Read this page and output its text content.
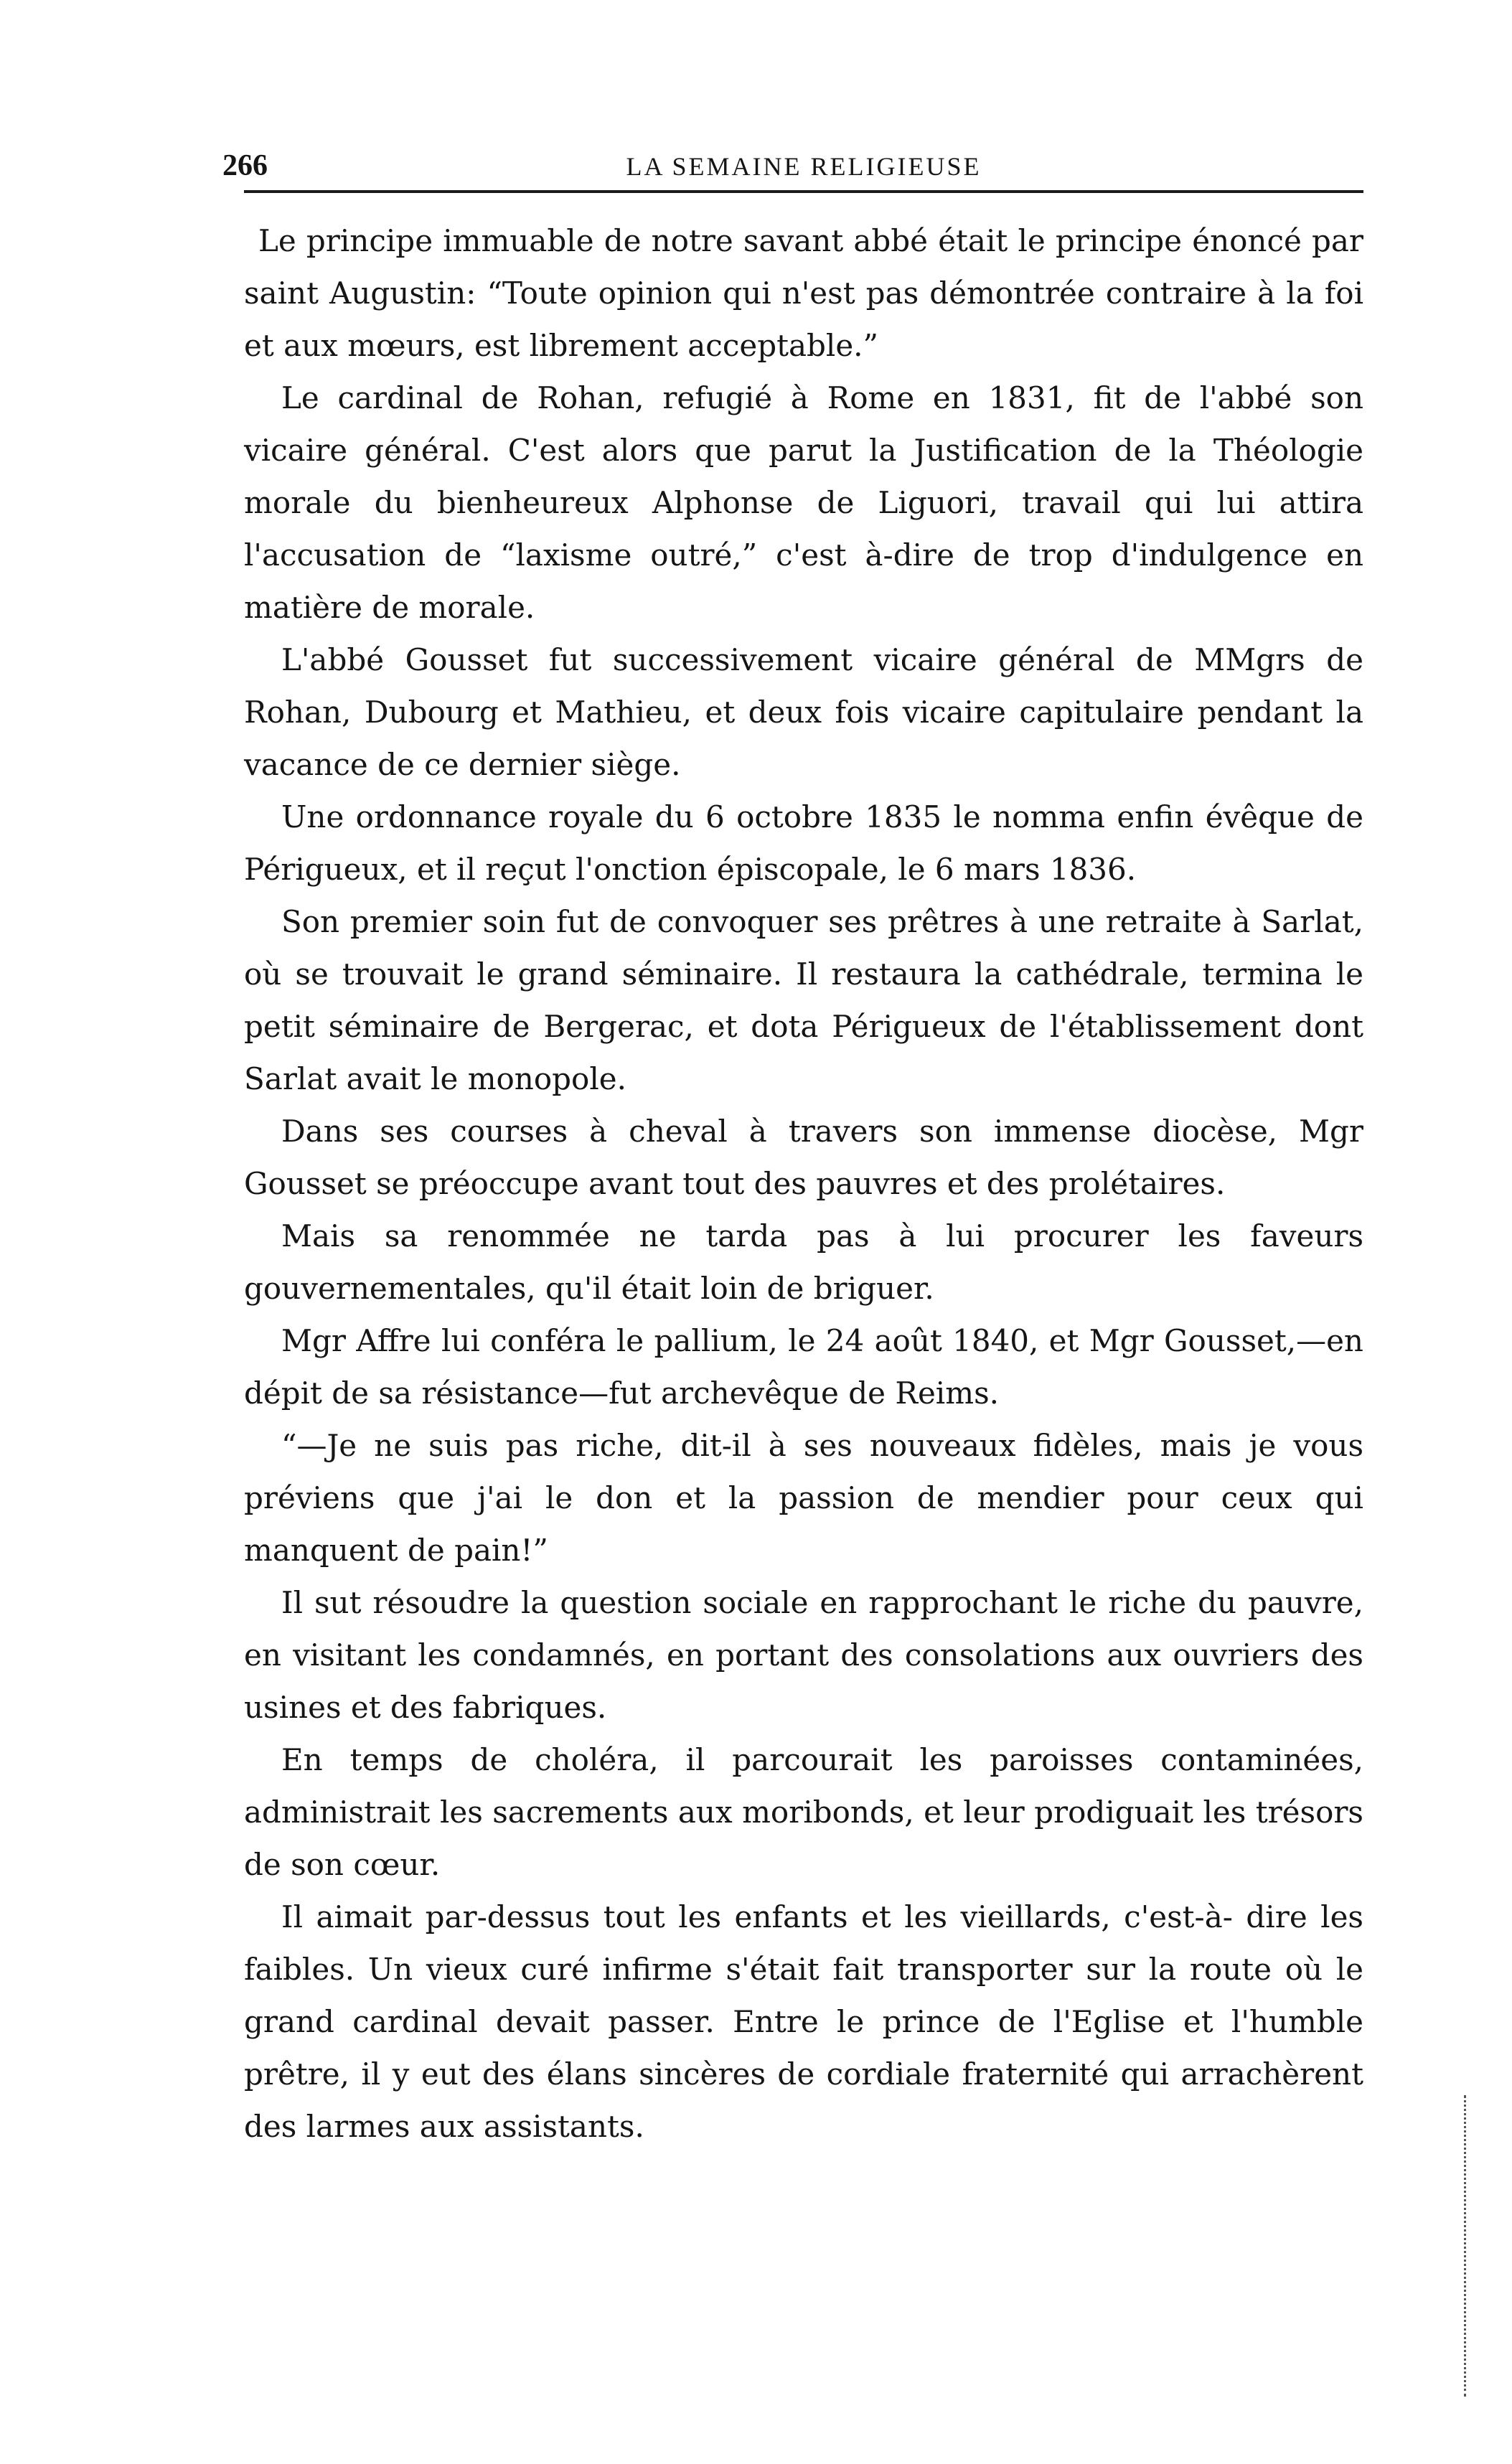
266	LA SEMAINE RELIGIEUSE

Le principe immuable de notre savant abbé était le principe énoncé par saint Augustin: “Toute opinion qui n'est pas démontrée contraire à la foi et aux mœurs, est librement acceptable.”

Le cardinal de Rohan, refugié à Rome en 1831, fit de l'abbé son vicaire général. C'est alors que parut la Justification de la Théologie morale du bienheureux Alphonse de Liguori, travail qui lui attira l'accusation de “laxisme outré,” c'est à-dire de trop d'indulgence en matière de morale.

L'abbé Gousset fut successivement vicaire général de MMgrs de Rohan, Dubourg et Mathieu, et deux fois vicaire capitulaire pendant la vacance de ce dernier siège.

Une ordonnance royale du 6 octobre 1835 le nomma enfin évêque de Périgueux, et il reçut l'onction épiscopale, le 6 mars 1836.

Son premier soin fut de convoquer ses prêtres à une retraite à Sarlat, où se trouvait le grand séminaire. Il restaura la cathédrale, termina le petit séminaire de Bergerac, et dota Périgueux de l'établissement dont Sarlat avait le monopole.

Dans ses courses à cheval à travers son immense diocèse, Mgr Gousset se préoccupe avant tout des pauvres et des prolétaires.

Mais sa renommée ne tarda pas à lui procurer les faveursgouvernementales, qu'il était loin de briguer.

Mgr Affre lui conféra le pallium, le 24 août 1840, et Mgr Gousset,—en dépit de sa résistance—fut archevêque de Reims.

“—Je ne suis pas riche, dit-il à ses nouveaux fidèles, mais je vous préviens que j'ai le don et la passion de mendier pour ceux qui manquent de pain!”

Il sut résoudre la question sociale en rapprochant le riche du pauvre, en visitant les condamnés, en portant des consolations aux ouvriers des usines et des fabriques.

En temps de choléra, il parcourait les paroisses contaminées,administrait les sacrements aux moribonds, et leur prodiguait les trésors de son cœur.

Il aimait par-dessus tout les enfants et les vieillards, c'est-à- dire les faibles. Un vieux curé infirme s'était fait transporter sur la route où le grand cardinal devait passer. Entre le prince de l'Eglise et l'humble prêtre, il y eut des élans sincères de cordiale fraternité qui arrachèrent des larmes aux assistants.
